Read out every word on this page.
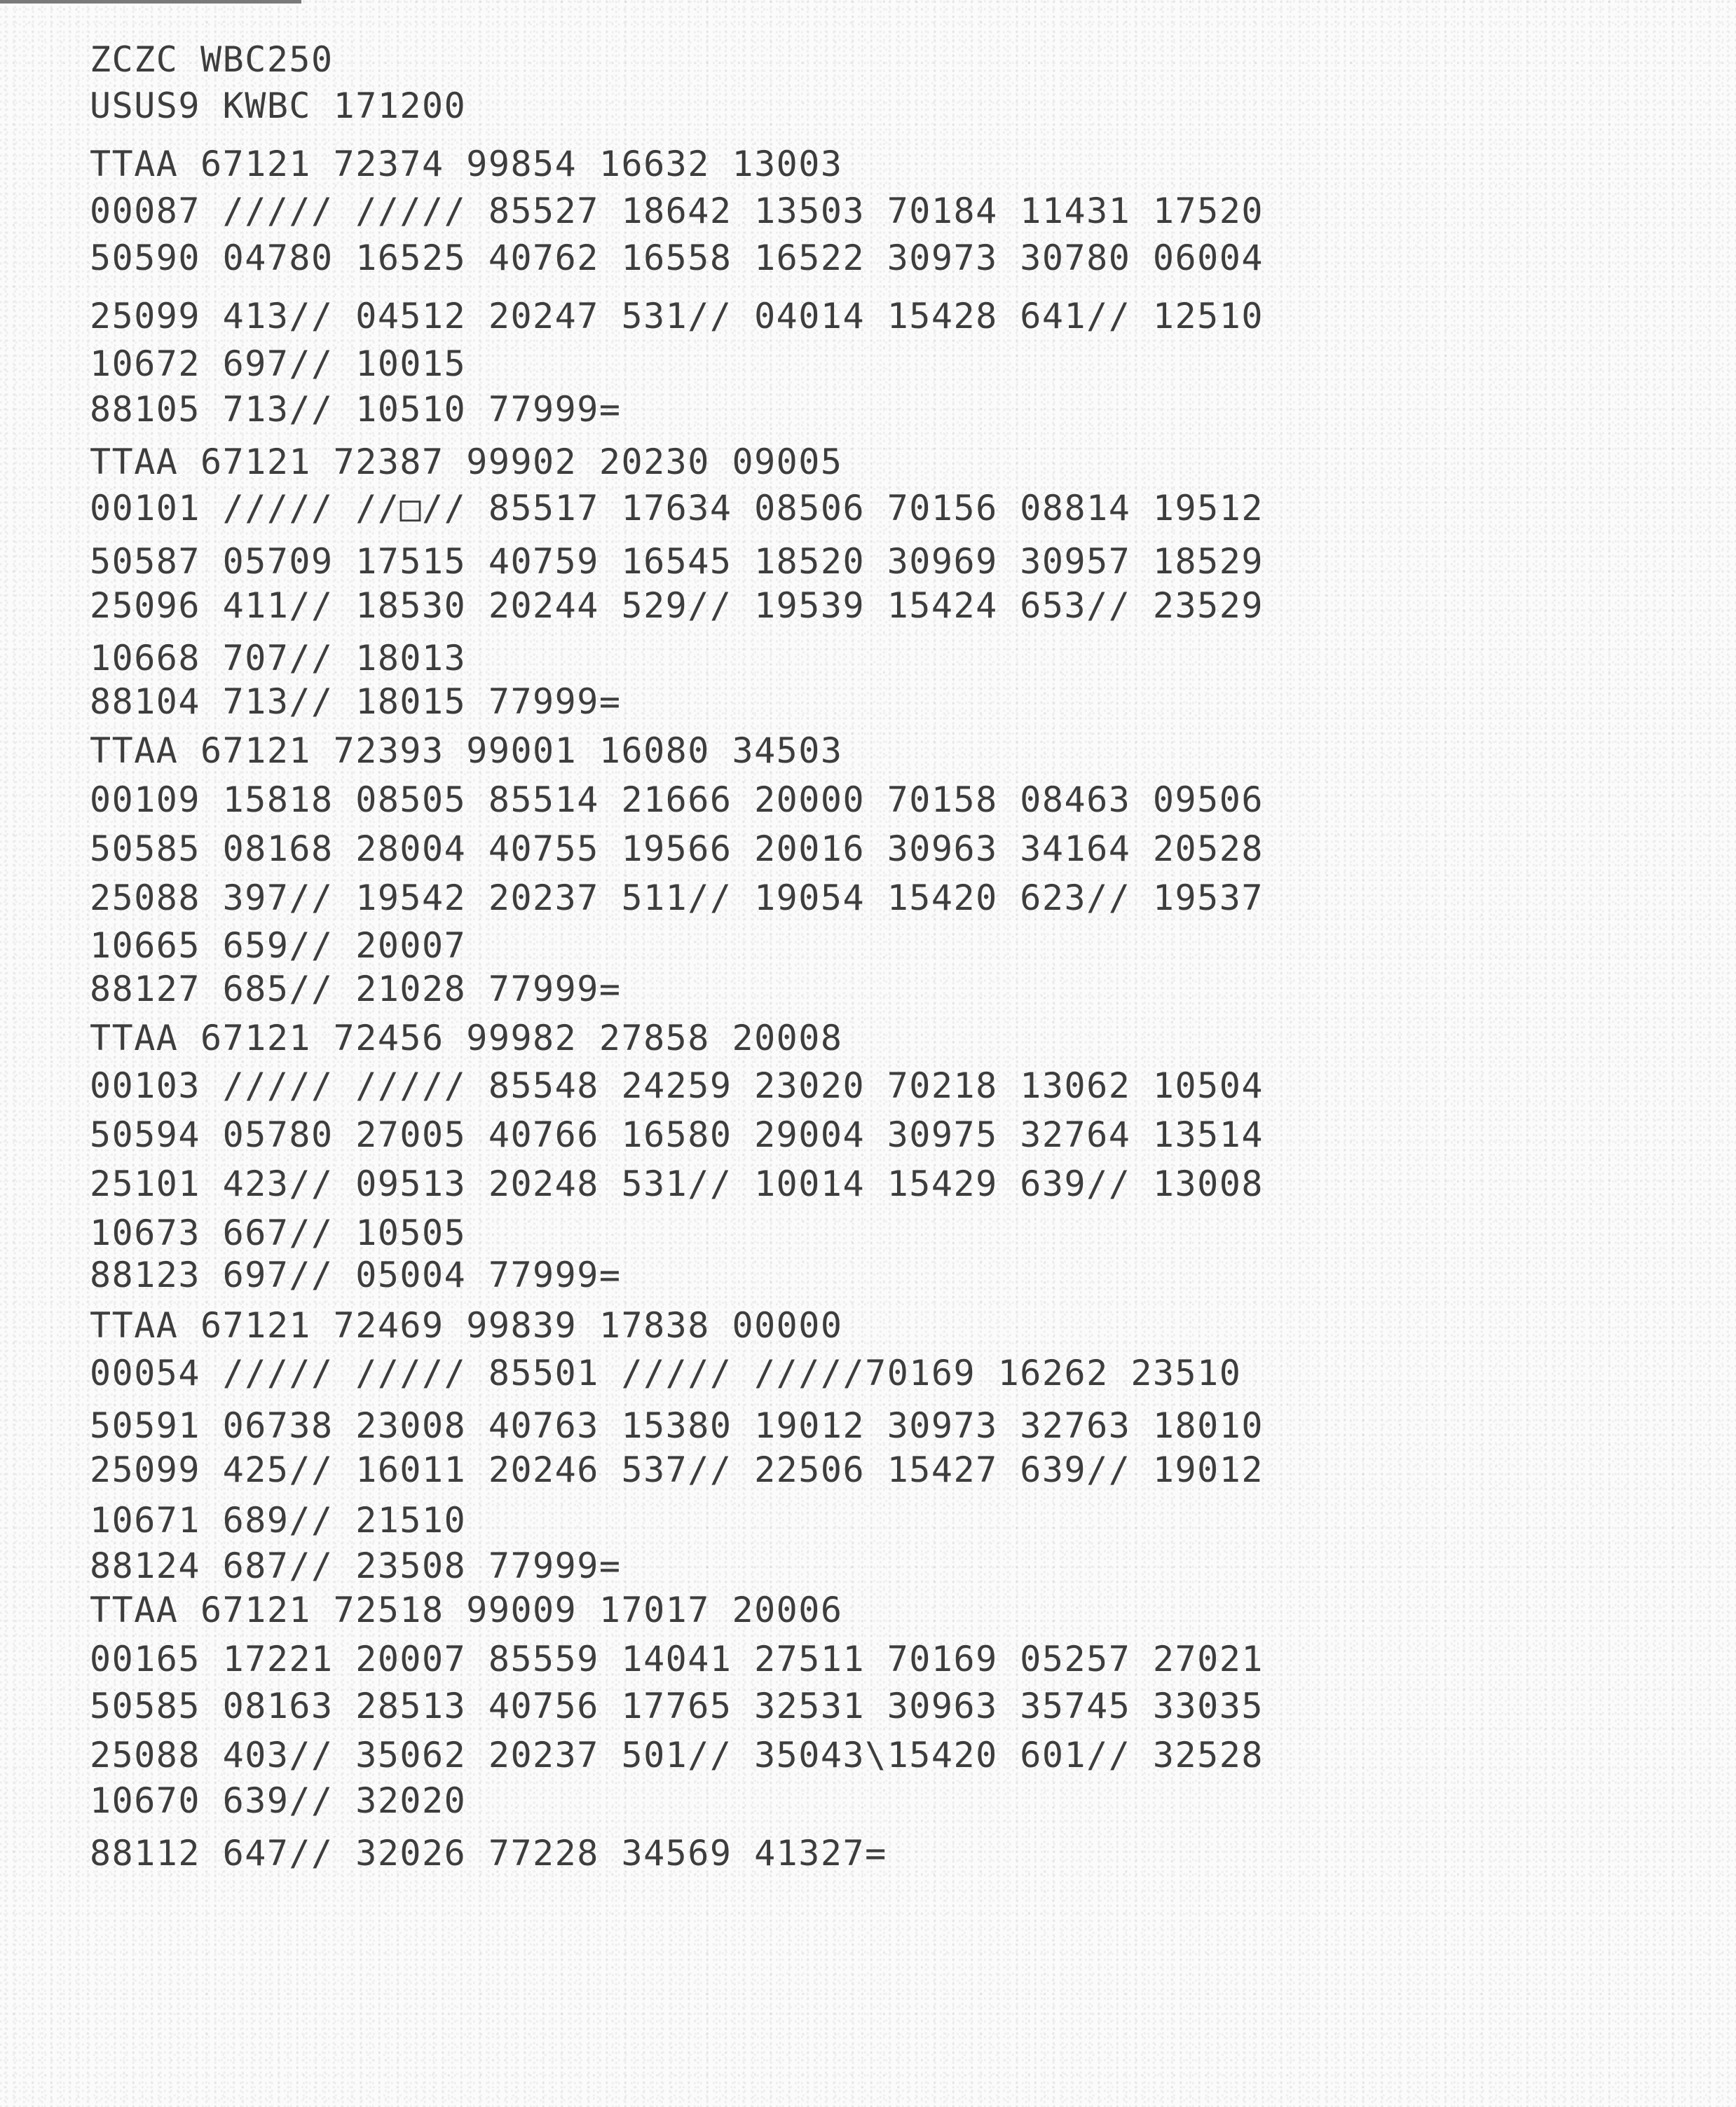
ZCZC WBC250
USUS9 KWBC 171200
TTAA 67121 72374 99854 16632 13003
00087 ///// ///// 85527 18642 13503 70184 11431 17520
50590 04780 16525 40762 16558 16522 30973 30780 06004
25099 413// 04512 20247 531// 04014 15428 641// 12510
10672 697// 10015
88105 713// 10510 77999=
TTAA 67121 72387 99902 20230 09005
00101 ///// //□// 85517 17634 08506 70156 08814 19512
50587 05709 17515 40759 16545 18520 30969 30957 18529
25096 411// 18530 20244 529// 19539 15424 653// 23529
10668 707// 18013
88104 713// 18015 77999=
TTAA 67121 72393 99001 16080 34503
00109 15818 08505 85514 21666 20000 70158 08463 09506
50585 08168 28004 40755 19566 20016 30963 34164 20528
25088 397// 19542 20237 511// 19054 15420 623// 19537
10665 659// 20007
88127 685// 21028 77999=
TTAA 67121 72456 99982 27858 20008
00103 ///// ///// 85548 24259 23020 70218 13062 10504
50594 05780 27005 40766 16580 29004 30975 32764 13514
25101 423// 09513 20248 531// 10014 15429 639// 13008
10673 667// 10505
88123 697// 05004 77999=
TTAA 67121 72469 99839 17838 00000
00054 ///// ///// 85501 ///// /////70169 16262 23510
50591 06738 23008 40763 15380 19012 30973 32763 18010
25099 425// 16011 20246 537// 22506 15427 639// 19012
10671 689// 21510
88124 687// 23508 77999=
TTAA 67121 72518 99009 17017 20006
00165 17221 20007 85559 14041 27511 70169 05257 27021
50585 08163 28513 40756 17765 32531 30963 35745 33035
25088 403// 35062 20237 501// 35043\15420 601// 32528
10670 639// 32020
88112 647// 32026 77228 34569 41327=
